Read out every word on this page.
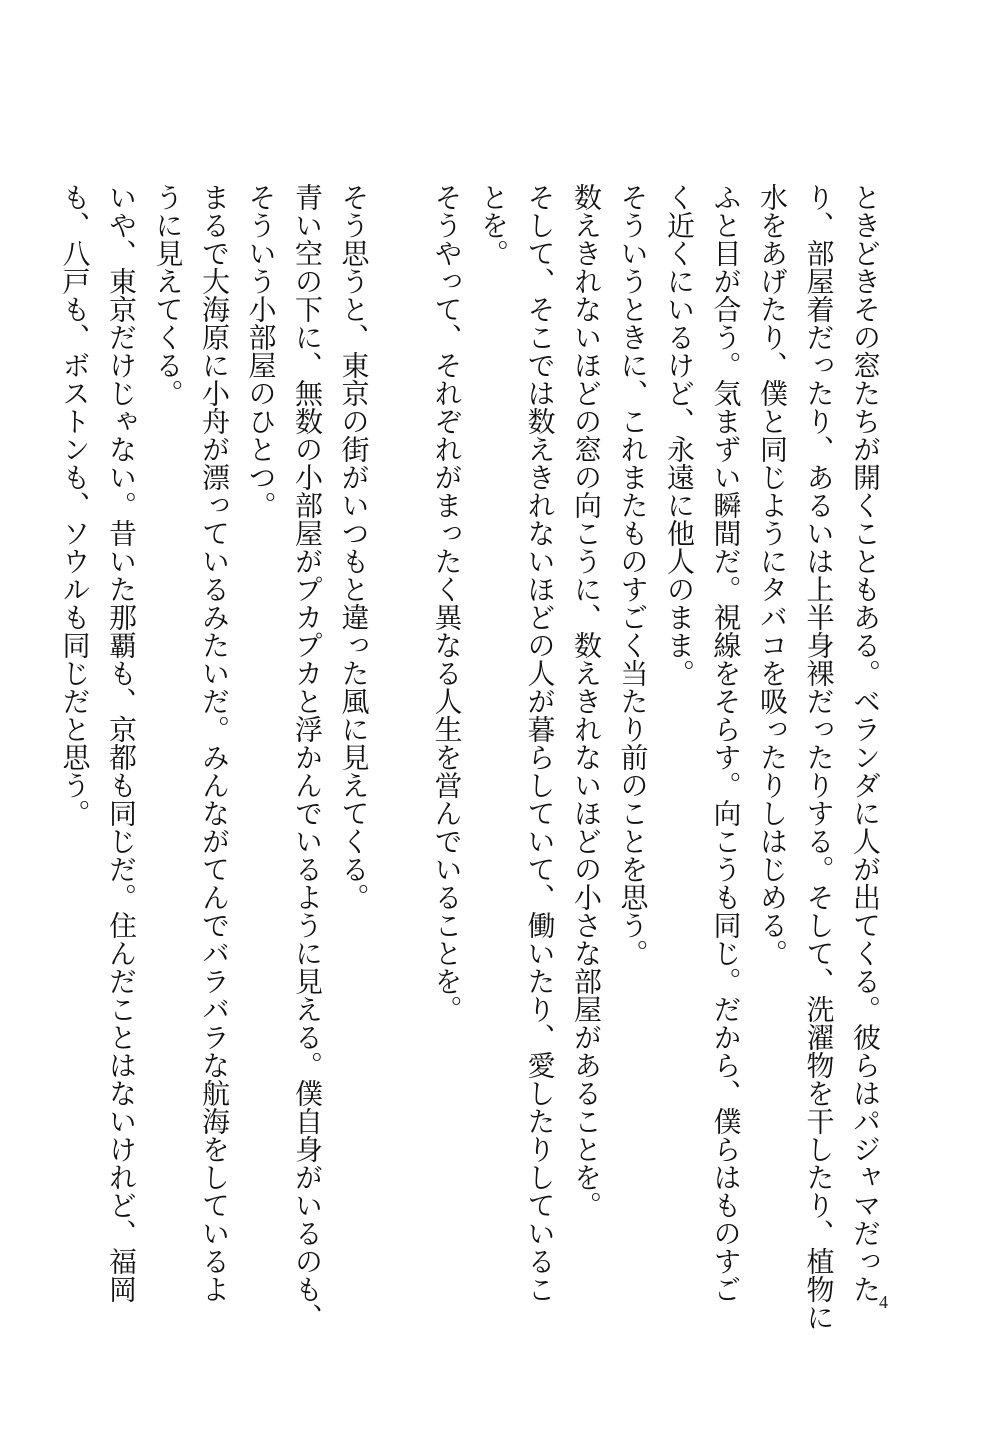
ときどきその窓たちが開くこともある。ベランダに人が出てくる。彼らはパジャマだった
り、部屋着だったり、あるいは上半身裸だったりする。そして、洗濯物を干したり、植物に
水をあげたり、僕と同じようにタバコを吸ったりしはじめる。
ふと目が合う。気まずい瞬間だ。視線をそらす。向こうも同じ。だから、僕らはものすご
く近くにいるけど、永遠に他人のまま。
そういうときに、これまたものすごく当たり前のことを思う。
数えきれないほどの窓の向こうに、数えきれないほどの小さな部屋があることを。
そして、そこでは数えきれないほどの人が暮らしていて、働いたり、愛したりしているこ
とを。
そうやって、それぞれがまったく異なる人生を営んでいることを。

そう思うと、東京の街がいつもと違った風に見えてくる。
青い空の下に、無数の小部屋がプカプカと浮かんでいるように見える。僕自身がいるのも、
そういう小部屋のひとつ。
まるで大海原に小舟が漂っているみたいだ。みんながてんでバラバラな航海をしているよ
うに見えてくる。
いや、東京だけじゃない。昔いた那覇も、京都も同じだ。住んだことはないけれど、福岡
も、八戸も、ボストンも、ソウルも同じだと思う。
4
